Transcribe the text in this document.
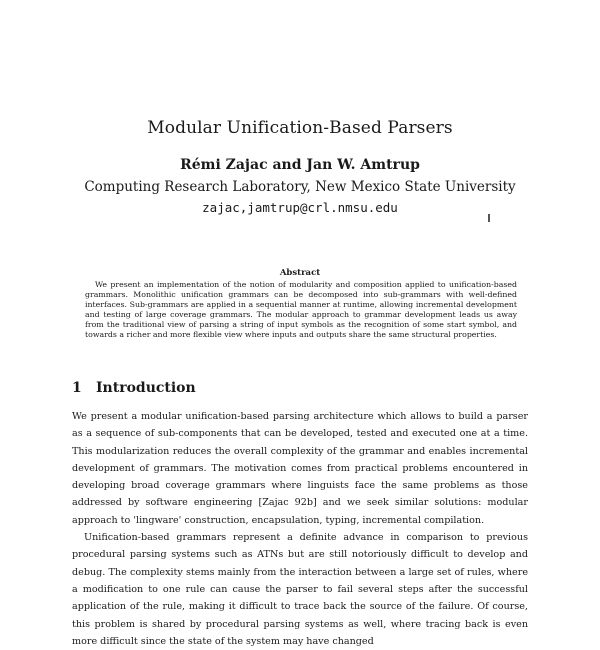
Modular Unification-Based Parsers
Rémi Zajac and Jan W. Amtrup
Computing Research Laboratory, New Mexico State University
zajac,jamtrup@crl.nmsu.edu
Abstract

We present an implementation of the notion of modularity and composition applied to unification-based grammars. Monolithic unification grammars can be decomposed into sub-grammars with well-defined interfaces. Sub-grammars are applied in a sequential manner at runtime, allowing incremental development and testing of large coverage grammars. The modular approach to grammar development leads us away from the traditional view of parsing a string of input symbols as the recognition of some start symbol, and towards a richer and more flexible view where inputs and outputs share the same structural properties.

1 Introduction

We present a modular unification-based parsing architecture which allows to build a parser as a sequence of sub-components that can be developed, tested and executed one at a time. This modularization reduces the overall complexity of the grammar and enables incremental development of grammars. The motivation comes from practical problems encountered in developing broad coverage grammars where linguists face the same problems as those addressed by software engineering [Zajac 92b] and we seek similar solutions: modular approach to 'lingware' construction, encapsulation, typing, incremental compilation.

Unification-based grammars represent a definite advance in comparison to previous procedural parsing systems such as ATNs but are still notoriously difficult to develop and debug. The complexity stems mainly from the interaction between a large set of rules, where a modification to one rule can cause the parser to fail several steps after the successful application of the rule, making it difficult to trace back the source of the failure. Of course, this problem is shared by procedural parsing systems as well, where tracing back is even more difficult since the state of the system may have changed
